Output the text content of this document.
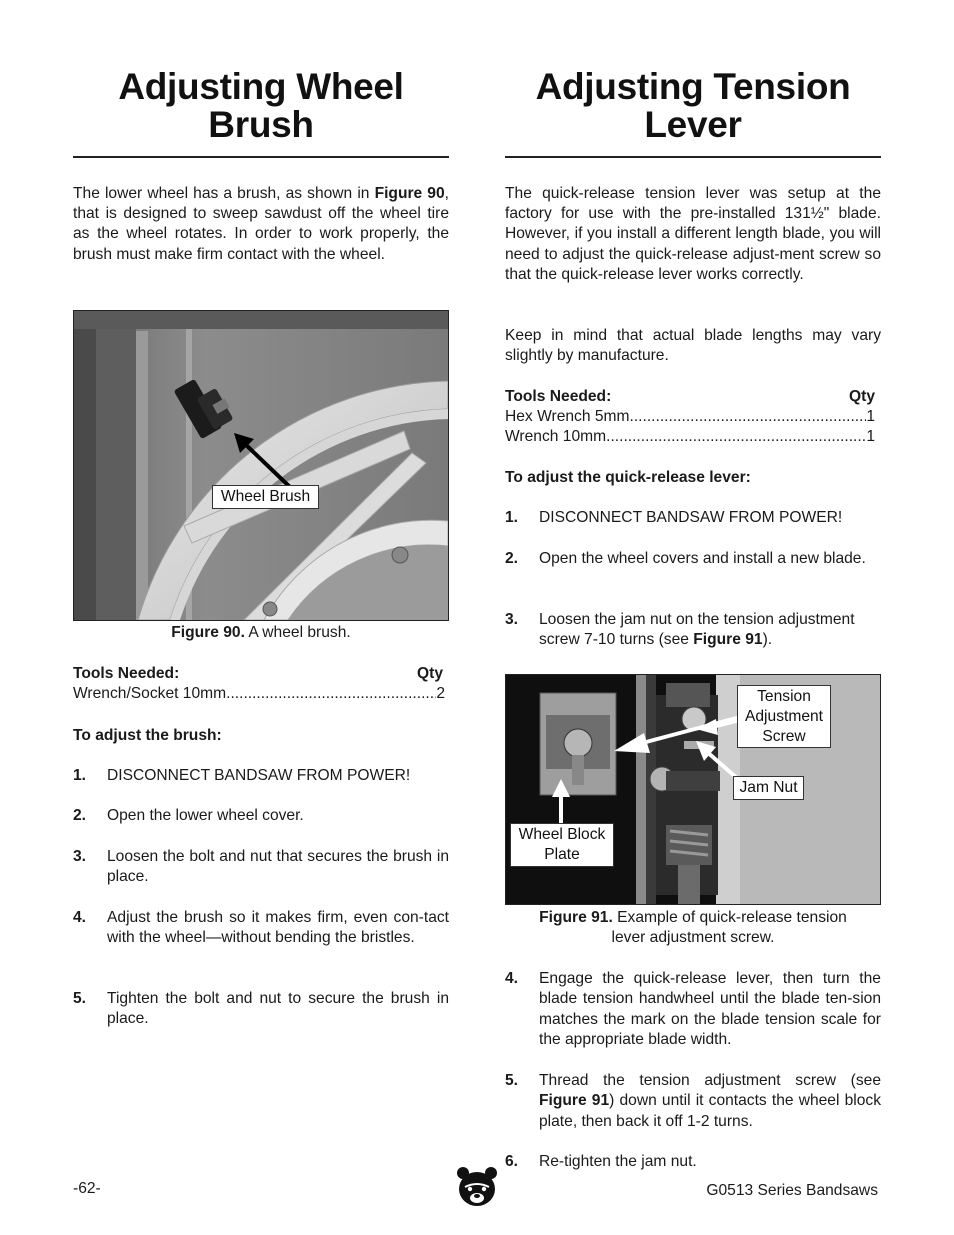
Adjusting Wheel
Brush

The lower wheel has a brush, as shown in Figure 90, that is designed to sweep sawdust off the wheel tire as the wheel rotates. In order to work properly, the brush must make firm contact with the wheel.

Wheel Brush
Figure 90. A wheel brush.
Tools Needed:	Qty
Wrench/Socket 10mm .....	2

To adjust the brush:

1.	DISCONNECT BANDSAW FROM POWER!
2.	Open the lower wheel cover.
3.	Loosen the bolt and nut that secures the brush in place.
4.	Adjust the brush so it makes firm, even con-tact with the wheel—without bending the bristles.
5.	Tighten the bolt and nut to secure the brush in place.
Adjusting Tension
Lever

The quick-release tension lever was setup at the factory for use with the pre-installed 131½" blade. However, if you install a different length blade, you will need to adjust the quick-release adjust-ment screw so that the quick-release lever works correctly.

Keep in mind that actual blade lengths may vary slightly by manufacture.

Tools Needed:	Qty
Hex Wrench 5mm .....	1
Wrench 10mm .....	1

To adjust the quick-release lever:

1.	DISCONNECT BANDSAW FROM POWER!
2.	Open the wheel covers and install a new blade.
3.	Loosen the jam nut on the tension adjustment screw 7-10 turns (see Figure 91).
Tension
Adjustment
Screw
Jam Nut
Wheel Block
Plate
Figure 91. Example of quick-release tension
lever adjustment screw.
4.	Engage the quick-release lever, then turn the blade tension handwheel until the blade ten-sion matches the mark on the blade tension scale for the appropriate blade width.
5.	Thread the tension adjustment screw (see Figure 91) down until it contacts the wheel block plate, then back it off 1-2 turns.
6.	Re-tighten the jam nut.
-62-	G0513 Series Bandsaws
